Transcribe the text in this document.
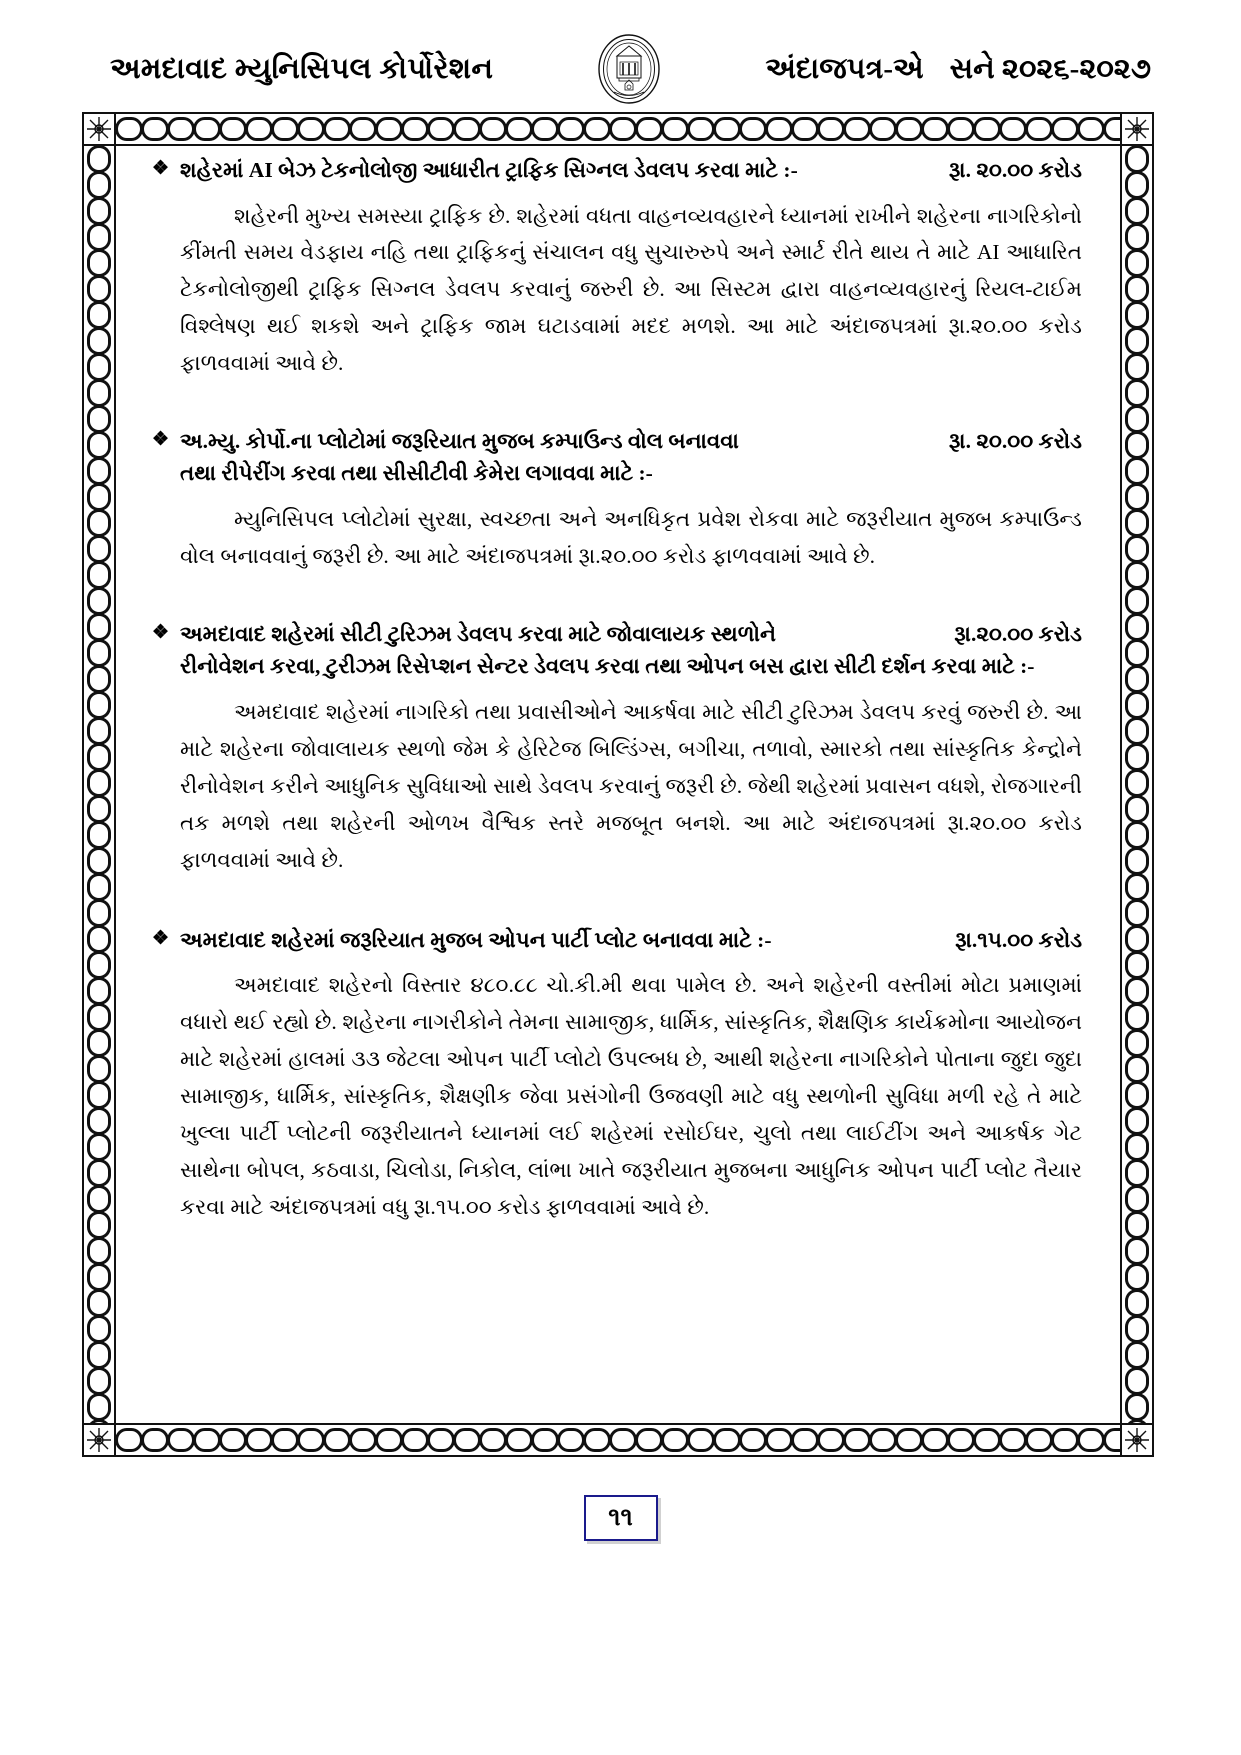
અમદાવાદ મ્યુનિસિપલ કોર્પોરેશન	અંદાજપત્ર-એ સને ૨૦૨૬-૨૦૨૭
❖ શહેરમાં AI બેઝ ટેકનોલોજી આધારીત ટ્રાફિક સિગ્નલ ડેવલપ કરવા માટે :-	રૂા. ૨૦.૦૦ કરોડ
શહેરની મુખ્ય સમસ્યા ટ્રાફિક છે. શહેરમાં વધતા વાહનવ્યવહારને ધ્યાનમાં રાખીને શહેરના નાગરિકોનો કીંમતી સમય વેડફાય નહિ તથા ટ્રાફિકનું સંચાલન વધુ સુચારુરુપે અને સ્માર્ટ રીતે થાય તે માટે AI આધારિત ટેકનોલોજીથી ટ્રાફિક સિગ્નલ ડેવલપ કરવાનું જરુરી છે. આ સિસ્ટમ દ્વારા વાહનવ્યવહારનું રિયલ-ટાઈમ વિશ્લેષણ થઈ શકશે અને ટ્રાફિક જામ ઘટાડવામાં મદદ મળશે. આ માટે અંદાજપત્રમાં રૂા.૨૦.૦૦ કરોડ ફાળવવામાં આવે છે.
❖ અ.મ્યુ. કોર્પો.ના પ્લોટોમાં જરૂરિયાત મુજબ કમ્પાઉન્ડ વોલ બનાવવા	રૂા. ૨૦.૦૦ કરોડ
તથા રીપેરીંગ કરવા તથા સીસીટીવી કેમેરા લગાવવા માટે :-
મ્યુનિસિપલ પ્લોટોમાં સુરક્ષા, સ્વચ્છતા અને અનધિકૃત પ્રવેશ રોકવા માટે જરૂરીયાત મુજબ કમ્પાઉન્ડ વોલ બનાવવાનું જરૂરી છે. આ માટે અંદાજપત્રમાં રૂા.૨૦.૦૦ કરોડ ફાળવવામાં આવે છે.
❖ અમદાવાદ શહેરમાં સીટી ટુરિઝમ ડેવલપ કરવા માટે જોવાલાયક સ્થળોને	રૂા.૨૦.૦૦ કરોડ
રીનોવેશન કરવા, ટુરીઝમ રિસેપ્શન સેન્ટર ડેવલપ કરવા તથા ઓપન બસ દ્વારા સીટી દર્શન કરવા માટે :-
અમદાવાદ શહેરમાં નાગરિકો તથા પ્રવાસીઓને આકર્ષવા માટે સીટી ટુરિઝમ ડેવલપ કરવું જરુરી છે. આ માટે શહેરના જોવાલાયક સ્થળો જેમ કે હેરિટેજ બિલ્ડિંગ્સ, બગીચા, તળાવો, સ્મારકો તથા સાંસ્કૃતિક કેન્દ્રોને રીનોવેશન કરીને આધુનિક સુવિધાઓ સાથે ડેવલપ કરવાનું જરૂરી છે. જેથી શહેરમાં પ્રવાસન વધશે, રોજગારની તક મળશે તથા શહેરની ઓળખ વૈશ્વિક સ્તરે મજબૂત બનશે. આ માટે અંદાજપત્રમાં રૂા.૨૦.૦૦ કરોડ ફાળવવામાં આવે છે.
❖ અમદાવાદ શહેરમાં જરૂરિયાત મુજબ ઓપન પાર્ટી પ્લોટ બનાવવા માટે :-	રૂા.૧૫.૦૦ કરોડ
અમદાવાદ શહેરનો વિસ્તાર ૪૮૦.૮૮ ચો.કી.મી થવા પામેલ છે. અને શહેરની વસ્તીમાં મોટા પ્રમાણમાં વધારો થઈ રહ્યો છે. શહેરના નાગરીકોને તેમના સામાજીક, ધાર્મિક, સાંસ્કૃતિક, શૈક્ષણિક કાર્યક્રમોના આયોજન માટે શહેરમાં હાલમાં ૩૩ જેટલા ઓપન પાર્ટી પ્લોટો ઉપલ્બધ છે, આથી શહેરના નાગરિકોને પોતાના જુદા જુદા સામાજીક, ધાર્મિક, સાંસ્કૃતિક, શૈક્ષણીક જેવા પ્રસંગોની ઉજવણી માટે વધુ સ્થળોની સુવિધા મળી રહે તે માટે ખુલ્લા પાર્ટી પ્લોટની જરૂરીયાતને ધ્યાનમાં લઈ શહેરમાં રસોઈઘર, ચુલો તથા લાઈટીંગ અને આકર્ષક ગેટ સાથેના બોપલ, કઠવાડા, ચિલોડા, નિકોલ, લાંભા ખાતે જરૂરીયાત મુજબના આધુનિક ઓપન પાર્ટી પ્લોટ તૈયાર કરવા માટે અંદાજપત્રમાં વધુ રૂા.૧૫.૦૦ કરોડ ફાળવવામાં આવે છે.
૧૧
